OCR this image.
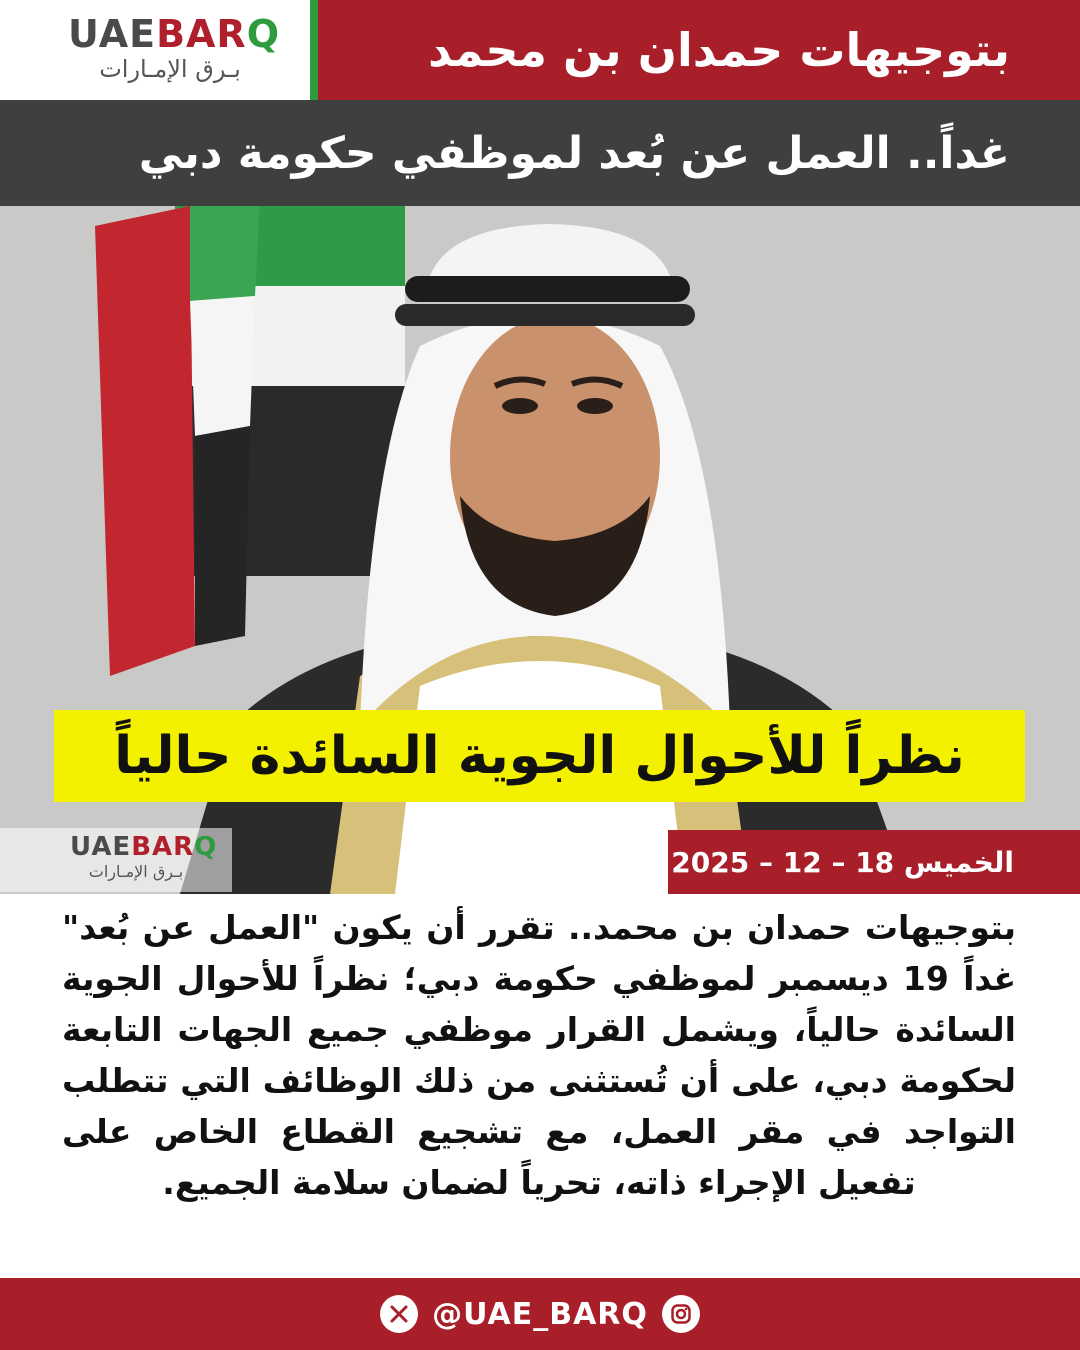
UAEBARQ
بـرق الإمـارات	بتوجيهات حمدان بن محمد
غداً.. العمل عن بُعد لموظفي حكومة دبي
نظراً للأحوال الجوية السائدة حالياً
UAEBARQ
بـرق الإمـارات	الخميس 18 – 12 – 2025
بتوجيهات حمدان بن محمد.. تقرر أن يكون "العمل عن بُعد" غداً 19 ديسمبر لموظفي حكومة دبي؛ نظراً للأحوال الجوية السائدة حالياً، ويشمل القرار موظفي جميع الجهات التابعة لحكومة دبي، على أن تُستثنى من ذلك الوظائف التي تتطلب التواجد في مقر العمل، مع تشجيع القطاع الخاص على تفعيل الإجراء ذاته، تحرياً لضمان سلامة الجميع.
@UAE_BARQ
